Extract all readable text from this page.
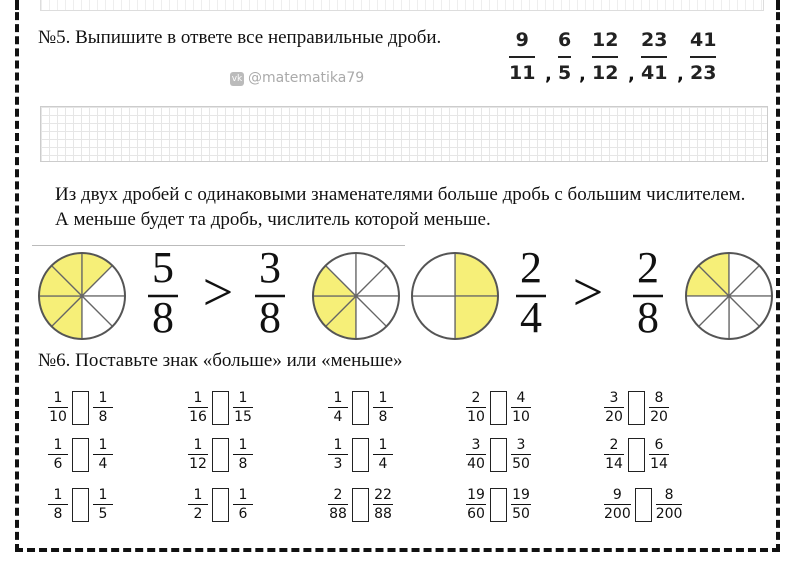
№5. Выпишите в ответе все неправильные дроби.
vk @matematika79
9
11 ,
6
5 ,
12
12 ,
23
41 ,
41
23
Из двух дробей с одинаковыми знаменателями больше дробь с большим числителем. А меньше будет та дробь, числитель которой меньше.
5
8 > 3
8
2
4 > 2
8
№6. Поставьте знак «больше» или «меньше»
1
10
1
8
1
16
1
15
1
4
1
8
2
10
4
10
3
20
8
20
1
6
1
4
1
12
1
8
1
3
1
4
3
40
3
50
2
14
6
14
1
8
1
5
1
2
1
6
2
88
22
88
19
60
19
50
9
200
8
200
